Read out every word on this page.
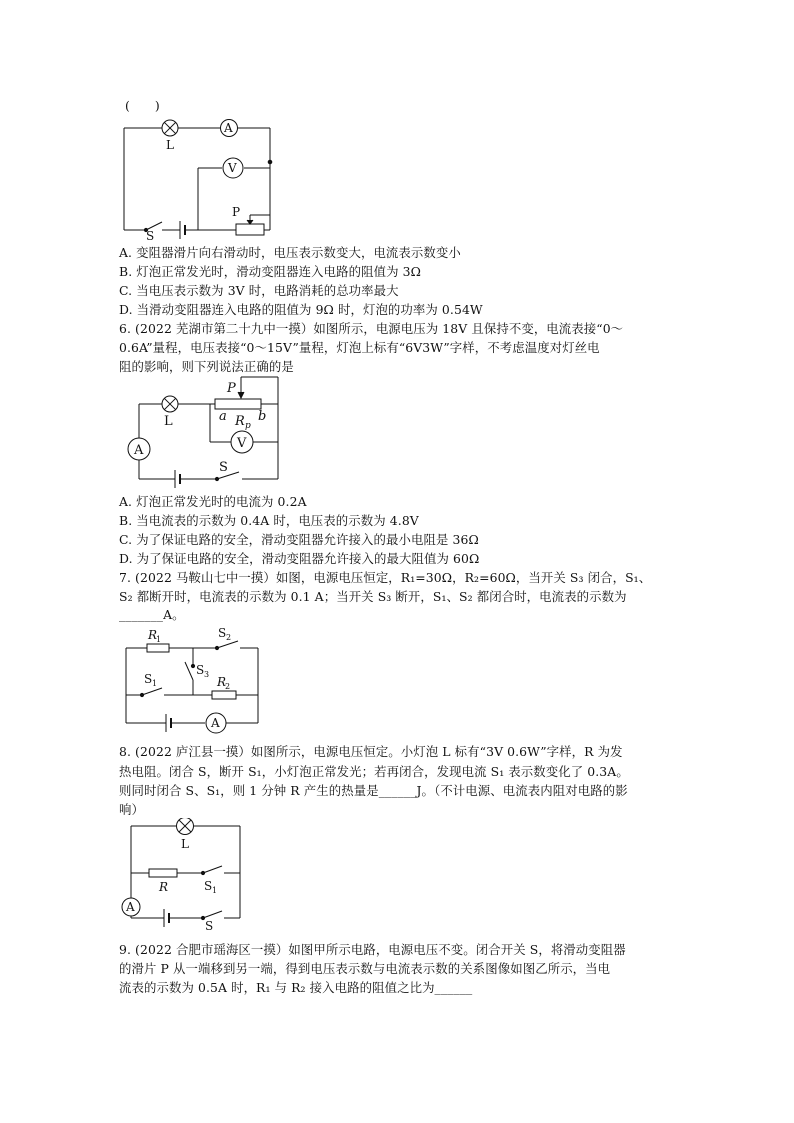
(　　)
L
A
V
P
S
A. 变阻器滑片向右滑动时，电压表示数变大，电流表示数变小
B. 灯泡正常发光时，滑动变阻器连入电路的阻值为 3Ω
C. 当电压表示数为 3V 时，电路消耗的总功率最大
D. 当滑动变阻器连入电路的阻值为 9Ω 时，灯泡的功率为 0.54W
6. (2022 芜湖市第二十九中一摸）如图所示，电源电压为 18V 且保持不变，电流表接“0～
0.6A”量程，电压表接“0～15V”量程，灯泡上标有“6V3W”字样，不考虑温度对灯丝电
阻的影响，则下列说法正确的是
L
A	V
P
a b
R p
S
A. 灯泡正常发光时的电流为 0.2A
B. 当电流表的示数为 0.4A 时，电压表的示数为 4.8V
C. 为了保证电路的安全，滑动变阻器允许接入的最小电阻是 36Ω
D. 为了保证电路的安全，滑动变阻器允许接入的最大阻值为 60Ω
7. (2022 马鞍山七中一摸）如图，电源电压恒定，R₁=30Ω，R₂=60Ω，当开关 S₃ 闭合，S₁、
S₂ 都断开时，电流表的示数为 0.1 A；当开关 S₃ 断开，S₁、S₂ 都闭合时，电流表的示数为
_______A。
R
1	S 2
S 1
S 3
R
2
A
8. (2022 庐江县一摸）如图所示，电源电压恒定。小灯泡 L 标有“3V 0.6W”字样，R 为发
热电阻。闭合 S，断开 S₁，小灯泡正常发光；若再闭合，发现电流 S₁ 表示数变化了 0.3A。
则同时闭合 S、S₁，则 1 分钟 R 产生的热量是______J。（不计电源、电流表内阻对电路的影
响）
L
R	S 1
A
S
9. (2022 合肥市瑶海区一摸）如图甲所示电路，电源电压不变。闭合开关 S，将滑动变阻器
的滑片 P 从一端移到另一端，得到电压表示数与电流表示数的关系图像如图乙所示，当电
流表的示数为 0.5A 时，R₁ 与 R₂ 接入电路的阻值之比为______
